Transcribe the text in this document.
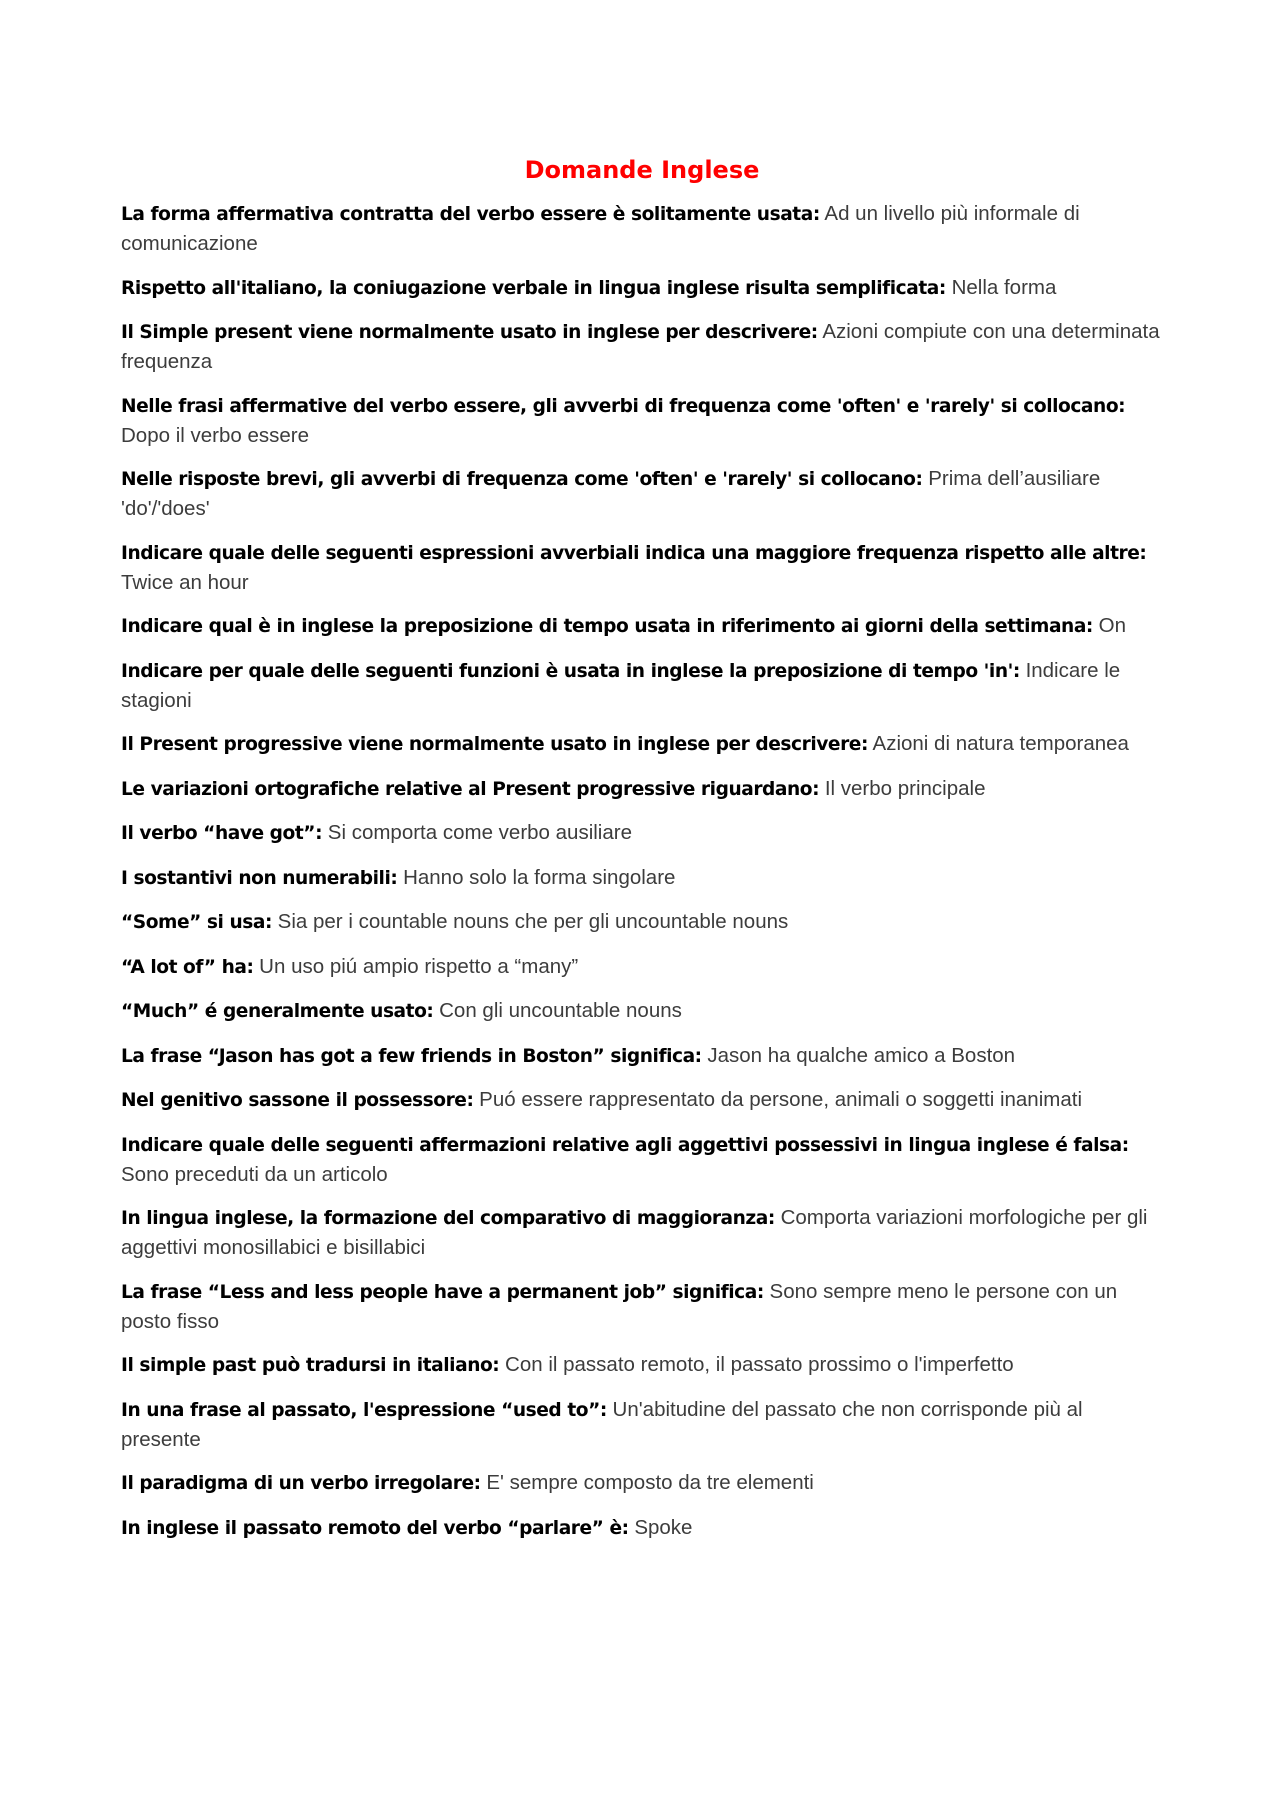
Domande Inglese

La forma affermativa contratta del verbo essere è solitamente usata: Ad un livello più informale di comunicazione

Rispetto all'italiano, la coniugazione verbale in lingua inglese risulta semplificata: Nella forma

Il Simple present viene normalmente usato in inglese per descrivere: Azioni compiute con una determinata frequenza

Nelle frasi affermative del verbo essere, gli avverbi di frequenza come 'often' e 'rarely' si collocano: Dopo il verbo essere

Nelle risposte brevi, gli avverbi di frequenza come 'often' e 'rarely' si collocano: Prima dell’ausiliare 'do'/'does'

Indicare quale delle seguenti espressioni avverbiali indica una maggiore frequenza rispetto alle altre: Twice an hour

Indicare qual è in inglese la preposizione di tempo usata in riferimento ai giorni della settimana: On

Indicare per quale delle seguenti funzioni è usata in inglese la preposizione di tempo 'in': Indicare le stagioni

Il Present progressive viene normalmente usato in inglese per descrivere: Azioni di natura temporanea

Le variazioni ortografiche relative al Present progressive riguardano: Il verbo principale

Il verbo “have got”: Si comporta come verbo ausiliare

I sostantivi non numerabili: Hanno solo la forma singolare

“Some” si usa: Sia per i countable nouns che per gli uncountable nouns

“A lot of” ha: Un uso piú ampio rispetto a “many”

“Much” é generalmente usato: Con gli uncountable nouns

La frase “Jason has got a few friends in Boston” significa: Jason ha qualche amico a Boston

Nel genitivo sassone il possessore: Puó essere rappresentato da persone, animali o soggetti inanimati

Indicare quale delle seguenti affermazioni relative agli aggettivi possessivi in lingua inglese é falsa: Sono preceduti da un articolo

In lingua inglese, la formazione del comparativo di maggioranza: Comporta variazioni morfologiche per gli aggettivi monosillabici e bisillabici

La frase “Less and less people have a permanent job” significa: Sono sempre meno le persone con un posto fisso

Il simple past può tradursi in italiano: Con il passato remoto, il passato prossimo o l'imperfetto

In una frase al passato, l'espressione “used to”: Un'abitudine del passato che non corrisponde più al presente

Il paradigma di un verbo irregolare: E' sempre composto da tre elementi

In inglese il passato remoto del verbo “parlare” è: Spoke
